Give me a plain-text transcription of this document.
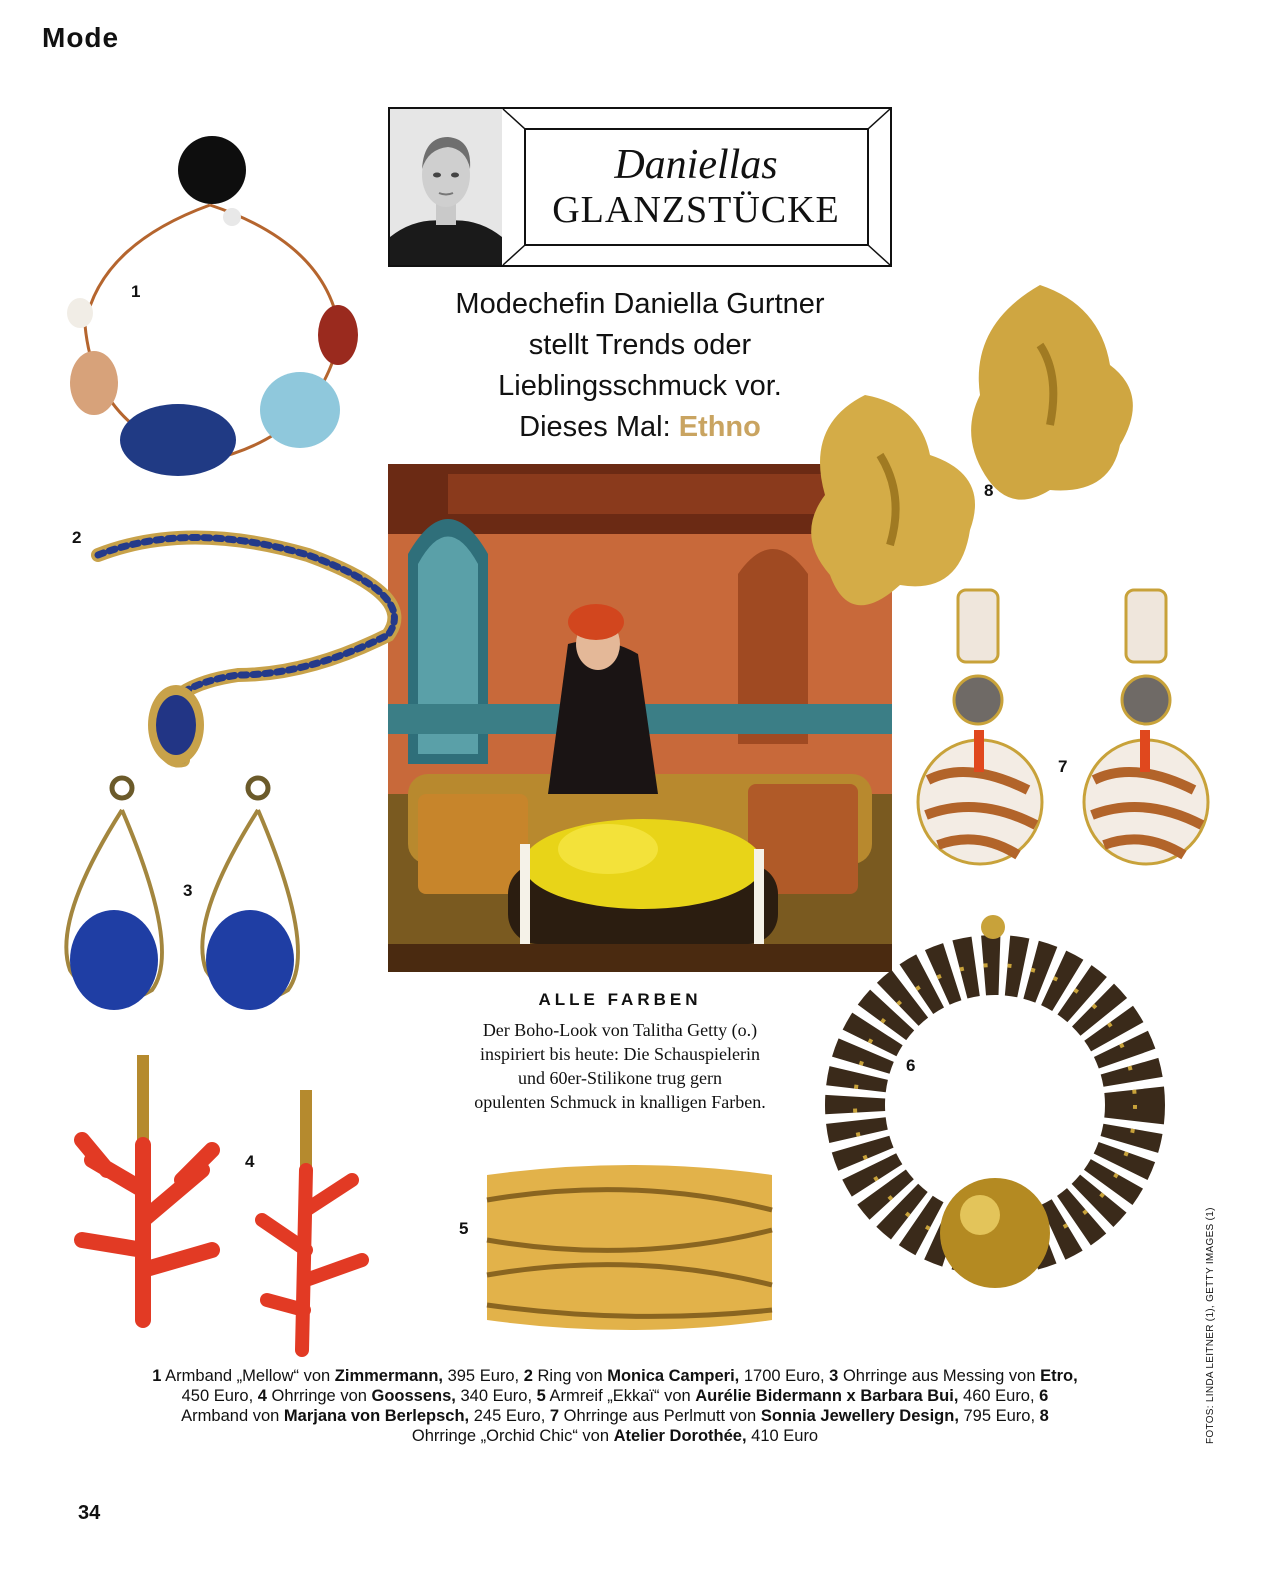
Mode
34
Daniellas
GLANZSTÜCKE
Modechefin Daniella Gurtner
stellt Trends oder
Lieblingsschmuck vor.
Dieses Mal: Ethno
ALLE FARBEN
Der Boho-Look von Talitha Getty (o.)
inspiriert bis heute: Die Schauspielerin
und 60er-Stilikone trug gern
opulenten Schmuck in knalligen Farben.
1
2
3
4
5
6
7
8
1 Armband „Mellow“ von Zimmermann, 395 Euro, 2 Ring von Monica Camperi, 1700 Euro, 3 Ohrringe aus Messing von Etro, 450 Euro, 4 Ohrringe von Goossens, 340 Euro, 5 Armreif „Ekkaï“ von Aurélie Bidermann x Barbara Bui, 460 Euro, 6 Armband von Marjana von Berlepsch, 245 Euro, 7 Ohrringe aus Perlmutt von Sonnia Jewellery Design, 795 Euro, 8 Ohrringe „Orchid Chic“ von Atelier Dorothée, 410 Euro	FOTOS: LINDA LEITNER (1), GETTY IMAGES (1)
